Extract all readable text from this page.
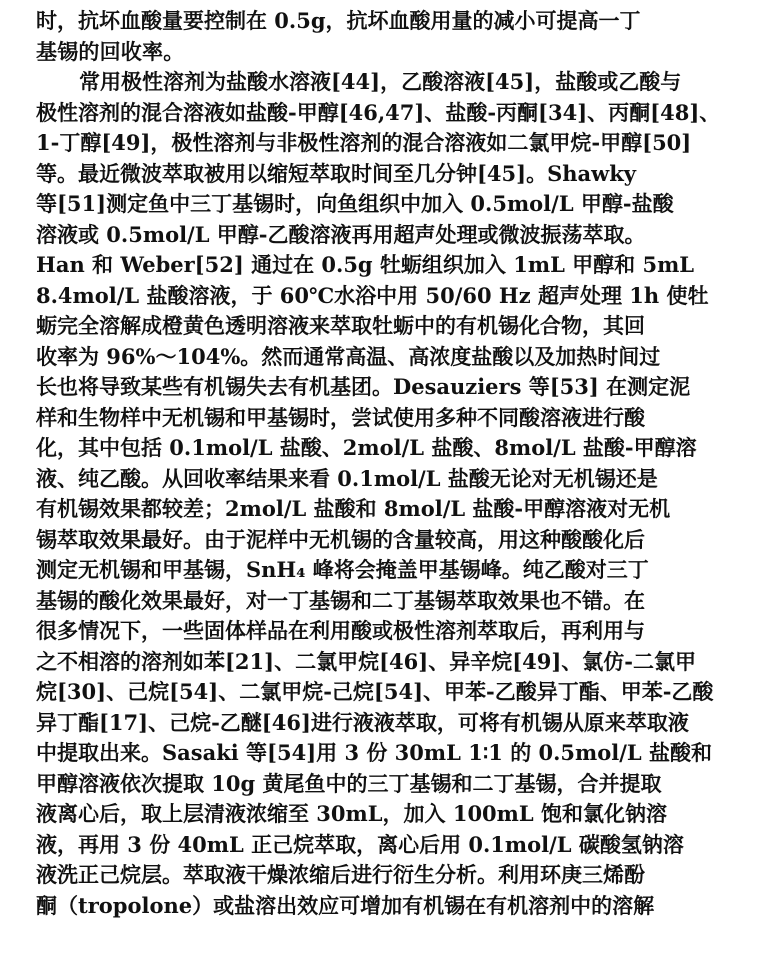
时，抗坏血酸量要控制在 0.5g，抗坏血酸用量的减小可提高一丁
基锡的回收率。
常用极性溶剂为盐酸水溶液[44]，乙酸溶液[45]，盐酸或乙酸与
极性溶剂的混合溶液如盐酸-甲醇[46,47]、盐酸-丙酮[34]、丙酮[48]、
1-丁醇[49]，极性溶剂与非极性溶剂的混合溶液如二氯甲烷-甲醇[50]
等。最近微波萃取被用以缩短萃取时间至几分钟[45]。Shawky
等[51]测定鱼中三丁基锡时，向鱼组织中加入 0.5mol/L 甲醇-盐酸
溶液或 0.5mol/L 甲醇-乙酸溶液再用超声处理或微波振荡萃取。
Han 和 Weber[52] 通过在 0.5g 牡蛎组织加入 1mL 甲醇和 5mL
8.4mol/L 盐酸溶液，于 60℃水浴中用 50/60 Hz 超声处理 1h 使牡
蛎完全溶解成橙黄色透明溶液来萃取牡蛎中的有机锡化合物，其回
收率为 96%～104%。然而通常高温、高浓度盐酸以及加热时间过
长也将导致某些有机锡失去有机基团。Desauziers 等[53] 在测定泥
样和生物样中无机锡和甲基锡时，尝试使用多种不同酸溶液进行酸
化，其中包括 0.1mol/L 盐酸、2mol/L 盐酸、8mol/L 盐酸-甲醇溶
液、纯乙酸。从回收率结果来看 0.1mol/L 盐酸无论对无机锡还是
有机锡效果都较差；2mol/L 盐酸和 8mol/L 盐酸-甲醇溶液对无机
锡萃取效果最好。由于泥样中无机锡的含量较高，用这种酸酸化后
测定无机锡和甲基锡，SnH₄ 峰将会掩盖甲基锡峰。纯乙酸对三丁
基锡的酸化效果最好，对一丁基锡和二丁基锡萃取效果也不错。在
很多情况下，一些固体样品在利用酸或极性溶剂萃取后，再利用与
之不相溶的溶剂如苯[21]、二氯甲烷[46]、异辛烷[49]、氯仿-二氯甲
烷[30]、己烷[54]、二氯甲烷-己烷[54]、甲苯-乙酸异丁酯、甲苯-乙酸
异丁酯[17]、己烷-乙醚[46]进行液液萃取，可将有机锡从原来萃取液
中提取出来。Sasaki 等[54]用 3 份 30mL 1∶1 的 0.5mol/L 盐酸和
甲醇溶液依次提取 10g 黄尾鱼中的三丁基锡和二丁基锡，合并提取
液离心后，取上层清液浓缩至 30mL，加入 100mL 饱和氯化钠溶
液，再用 3 份 40mL 正己烷萃取，离心后用 0.1mol/L 碳酸氢钠溶
液洗正己烷层。萃取液干燥浓缩后进行衍生分析。利用环庚三烯酚
酮（tropolone）或盐溶出效应可增加有机锡在有机溶剂中的溶解
